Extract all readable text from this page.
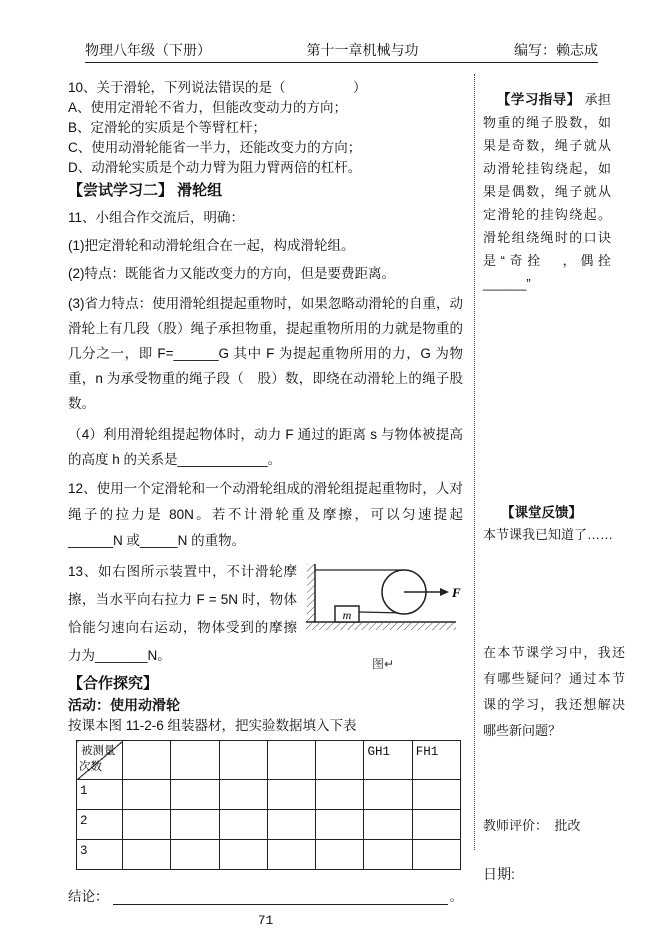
物理八年级（下册）	第十一章机械与功	编写：赖志成
10、关于滑轮，下列说法错误的是（　　　　　）
A、使用定滑轮不省力，但能改变动力的方向；
B、定滑轮的实质是个等臂杠杆；
C、使用动滑轮能省一半力，还能改变力的方向；
D、动滑轮实质是个动力臂为阻力臂两倍的杠杆。
【尝试学习二】 滑轮组
11、小组合作交流后，明确：
(1)把定滑轮和动滑轮组合在一起，构成滑轮组。
(2)特点：既能省力又能改变力的方向，但是要费距离。
(3)省力特点：使用滑轮组提起重物时，如果忽略动滑轮的自重，动滑轮上有几段（股）绳子承担物重，提起重物所用的力就是物重的几分之一，即 F=______G 其中 F 为提起重物所用的力，G 为物重，n 为承受物重的绳子段（　股）数，即绕在动滑轮上的绳子股数。
（4）利用滑轮组提起物体时，动力 F 通过的距离 s 与物体被提高的高度 h 的关系是____________。
12、使用一个定滑轮和一个动滑轮组成的滑轮组提起重物时，人对绳子的拉力是 80N。若不计滑轮重及摩擦，可以匀速提起 ______N 或_____N 的重物。
m
F
图↵
13、如右图所示装置中，不计滑轮摩擦，当水平向右拉力 F = 5N 时，物体恰能匀速向右运动，物体受到的摩擦力为_______N。
【合作探究】
活动：使用动滑轮
按课本图 11-2-6 组装器材，把实验数据填入下表
被测量
次数						GH1	FH1
1							
2							
3							
结论：	。
71
【学习指导】 承担物重的绳子股数，如果是奇数，绳子就从动滑轮挂钩绕起，如果是偶数，绳子就从定滑轮的挂钩绕起。滑轮组绕绳时的口诀是“奇拴　，偶拴______”
【课堂反馈】
本节课我已知道了……
在本节课学习中，我还有哪些疑问？通过本节课的学习，我还想解决哪些新问题？
教师评价：　批改
日期:
